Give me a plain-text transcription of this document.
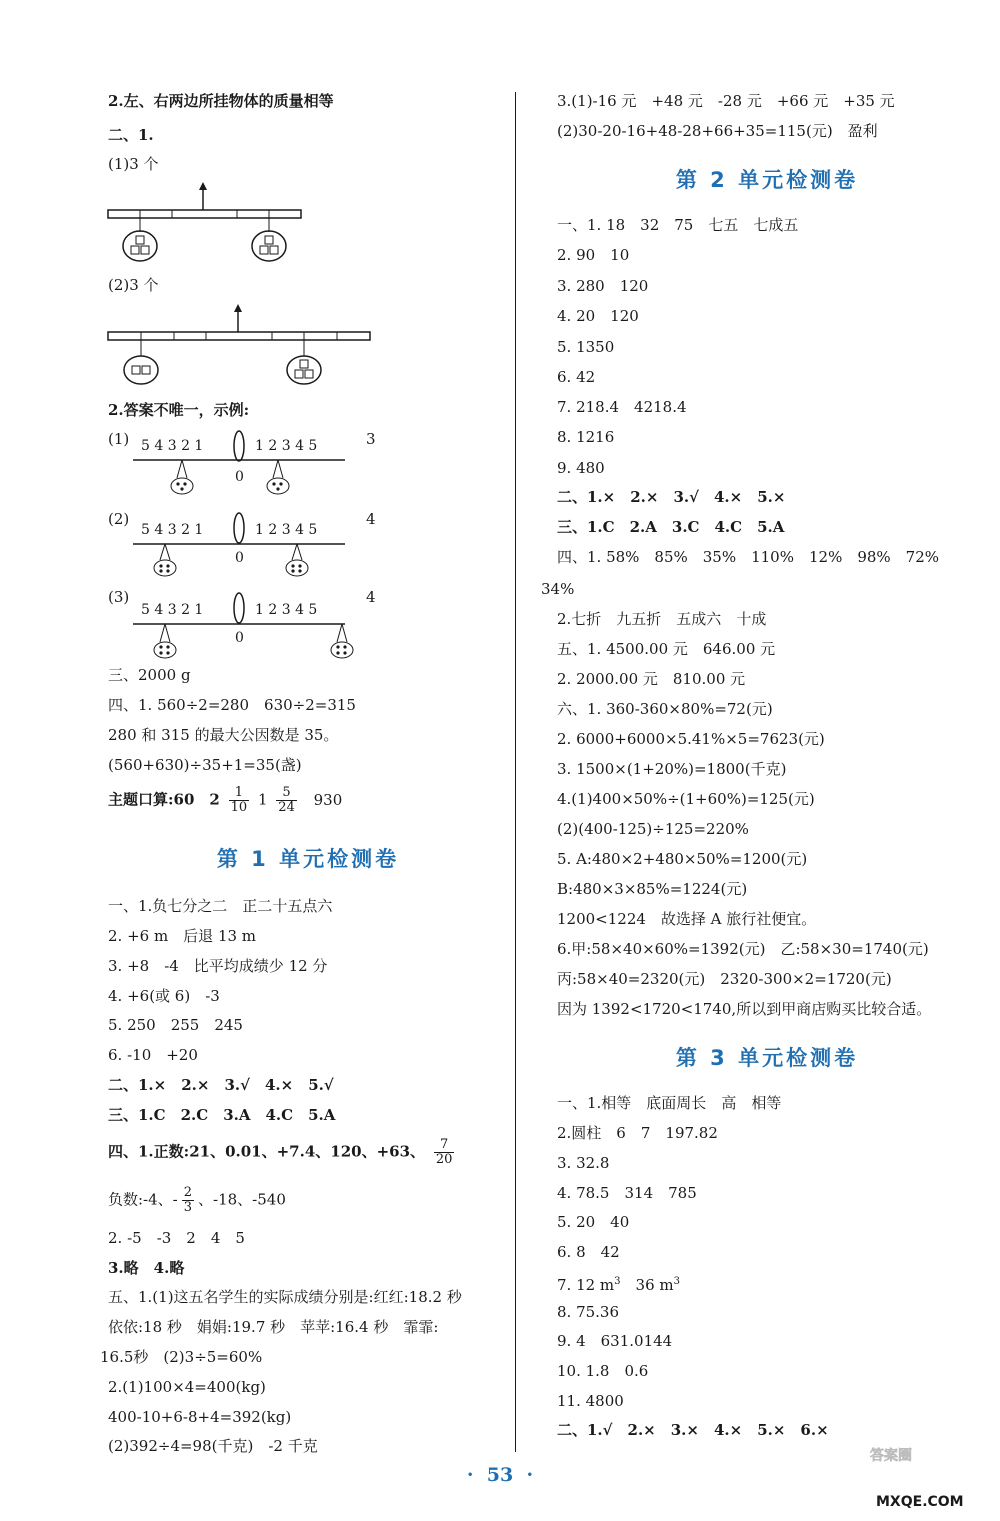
2.左、右两边所挂物体的质量相等
二、1.
(1)3 个
(2)3 个
2.答案不唯一，示例:
(1)	3
5 4 3 2 1	1 2 3 4 5
0
(2)	4
5 4 3 2 1	1 2 3 4 5
0
(3)	4
5 4 3 2 1	1 2 3 4 5
0
三、2000 g
四、1. 560÷2=280　630÷2=315
280 和 315 的最大公因数是 35。
(560+630)÷35+1=35(盏)
主题口算:60　$2 \frac{1}{10} 1 \frac{5}{24} 930$
第 1 单元检测卷
一、1.负七分之二　正二十五点六
2. +6 m　后退 13 m
3. +8　-4　比平均成绩少 12 分
4. +6(或 6)　-3
5. 250　255　245
6. -10　+20
二、1.×　2.×　3.√　4.×　5.√
三、1.C　2.C　3.A　4.C　5.A
四、1.正数:21、0.01、+7.4、120、+63、 $\frac{7}{20}$
负数:-4、- $\frac{2}{3}$ 、-18、-540
2. -5　-3　2　4　5
3.略　4.略
五、1.(1)这五名学生的实际成绩分别是:红红:18.2 秒
依依:18 秒　娟娟:19.7 秒　苹苹:16.4 秒　霏霏:
16.5秒　(2)3÷5=60%
2.(1)100×4=400(kg)
400-10+6-8+4=392(kg)
(2)392÷4=98(千克)　-2 千克
3.(1)-16 元　+48 元　-28 元　+66 元　+35 元
(2)30-20-16+48-28+66+35=115(元)　盈利
第 2 单元检测卷
一、1. 18　32　75　七五　七成五
2. 90　10
3. 280　120
4. 20　120
5. 1350
6. 42
7. 218.4　4218.4
8. 1216
9. 480
二、1.×　2.×　3.√　4.×　5.×
三、1.C　2.A　3.C　4.C　5.A
四、1. 58%　85%　35%　110%　12%　98%　72%
34%
2.七折　九五折　五成六　十成
五、1. 4500.00 元　646.00 元
2. 2000.00 元　810.00 元
六、1. 360-360×80%=72(元)
2. 6000+6000×5.41%×5=7623(元)
3. 1500×(1+20%)=1800(千克)
4.(1)400×50%÷(1+60%)=125(元)
(2)(400-125)÷125=220%
5. A:480×2+480×50%=1200(元)
B:480×3×85%=1224(元)
1200<1224　故选择 A 旅行社便宜。
6.甲:58×40×60%=1392(元)　乙:58×30=1740(元)
丙:58×40=2320(元)　2320-300×2=1720(元)
因为 1392<1720<1740,所以到甲商店购买比较合适。
第 3 单元检测卷
一、1.相等　底面周长　高　相等
2.圆柱　6　7　197.82
3. 32.8
4. 78.5　314　785
5. 20　40
6. 8　42
7. 12 $m^3$　36 $m^3$
8. 75.36
9. 4　631.0144
10. 1.8　0.6
11. 4800
二、1.√　2.×　3.×　4.×　5.×　6.×
·  53  ·
答案圈
MXQE.COM
